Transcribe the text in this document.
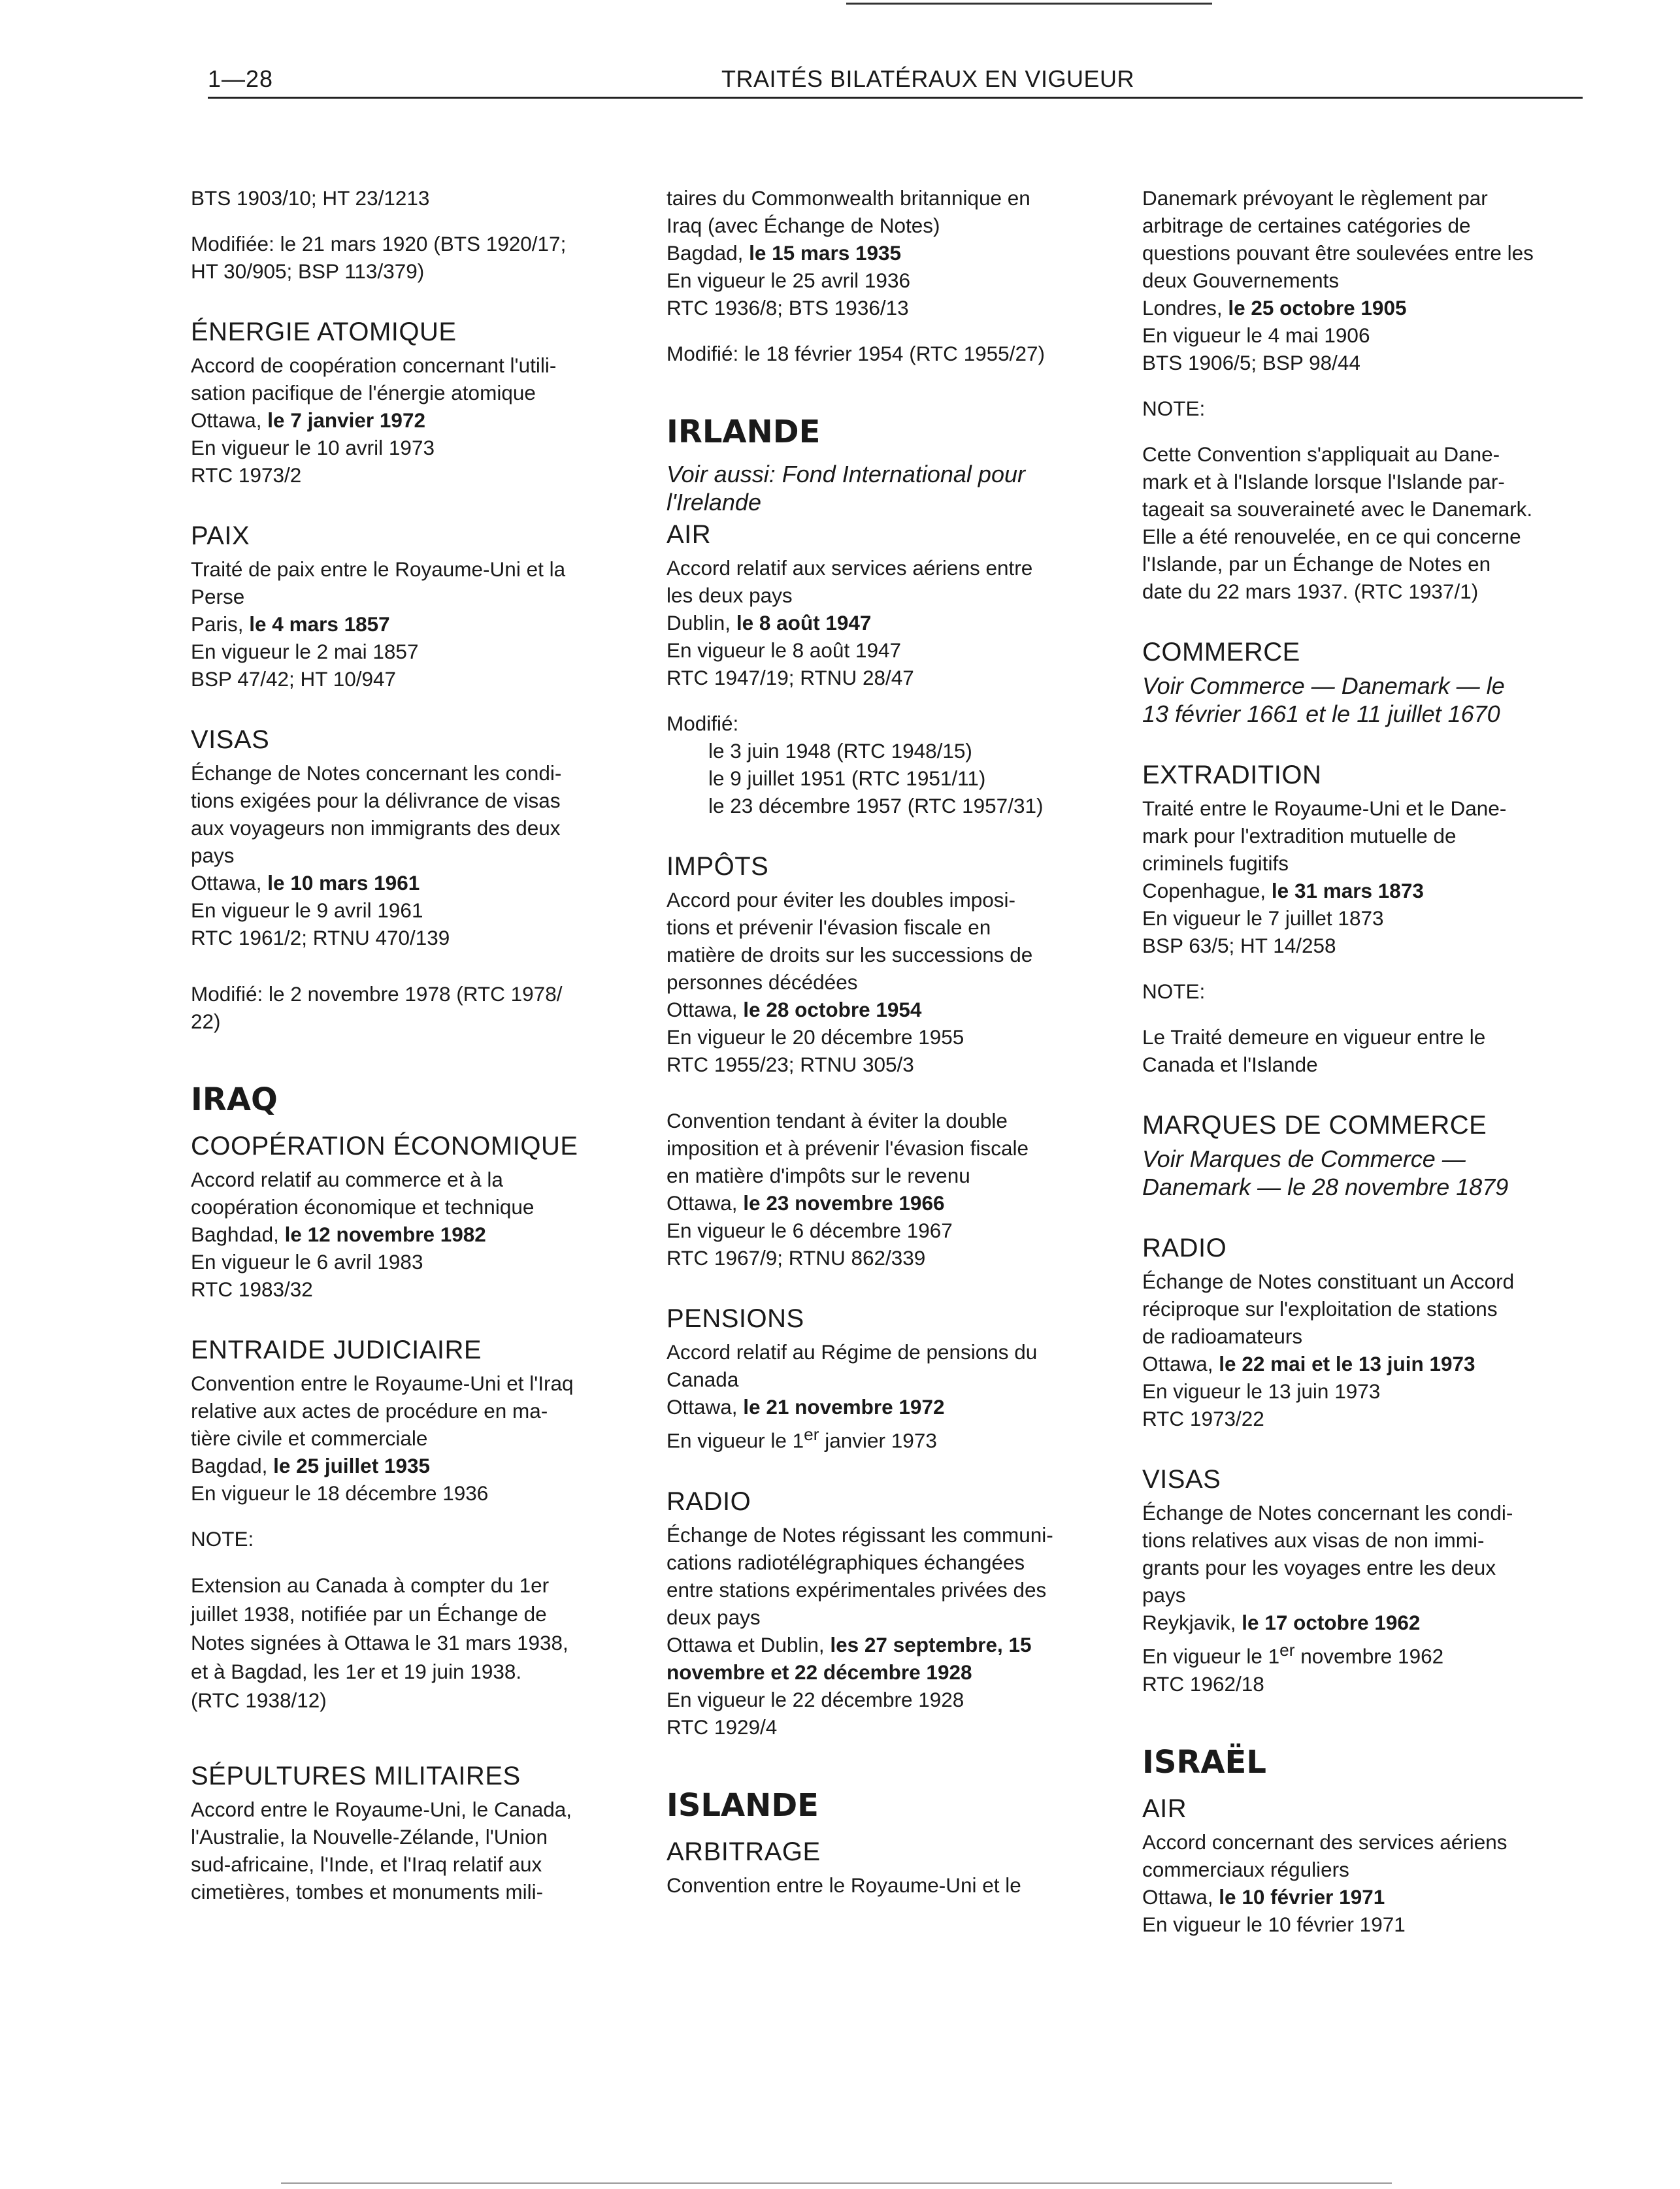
1—28	TRAITÉS BILATÉRAUX EN VIGUEUR
BTS 1903/10; HT 23/1213
Modifiée: le 21 mars 1920 (BTS 1920/17;
HT 30/905; BSP 113/379)
ÉNERGIE ATOMIQUE
Accord de coopération concernant l'utili-
sation pacifique de l'énergie atomique
Ottawa, le 7 janvier 1972
En vigueur le 10 avril 1973
RTC 1973/2
PAIX
Traité de paix entre le Royaume-Uni et la
Perse
Paris, le 4 mars 1857
En vigueur le 2 mai 1857
BSP 47/42; HT 10/947
VISAS
Échange de Notes concernant les condi-
tions exigées pour la délivrance de visas
aux voyageurs non immigrants des deux
pays
Ottawa, le 10 mars 1961
En vigueur le 9 avril 1961
RTC 1961/2; RTNU 470/139
Modifié: le 2 novembre 1978 (RTC 1978/
22)
IRAQ
COOPÉRATION ÉCONOMIQUE
Accord relatif au commerce et à la
coopération économique et technique
Baghdad, le 12 novembre 1982
En vigueur le 6 avril 1983
RTC 1983/32
ENTRAIDE JUDICIAIRE
Convention entre le Royaume-Uni et l'Iraq
relative aux actes de procédure en ma-
tière civile et commerciale
Bagdad, le 25 juillet 1935
En vigueur le 18 décembre 1936
NOTE:
Extension au Canada à compter du 1er
juillet 1938, notifiée par un Échange de
Notes signées à Ottawa le 31 mars 1938,
et à Bagdad, les 1er et 19 juin 1938.
(RTC 1938/12)
SÉPULTURES MILITAIRES
Accord entre le Royaume-Uni, le Canada,
l'Australie, la Nouvelle-Zélande, l'Union
sud-africaine, l'Inde, et l'Iraq relatif aux
cimetières, tombes et monuments mili-
taires du Commonwealth britannique en
Iraq (avec Échange de Notes)
Bagdad, le 15 mars 1935
En vigueur le 25 avril 1936
RTC 1936/8; BTS 1936/13
Modifié: le 18 février 1954 (RTC 1955/27)
IRLANDE
Voir aussi: Fond International pour
l'Irelande
AIR
Accord relatif aux services aériens entre
les deux pays
Dublin, le 8 août 1947
En vigueur le 8 août 1947
RTC 1947/19; RTNU 28/47
Modifié:
le 3 juin 1948 (RTC 1948/15)
le 9 juillet 1951 (RTC 1951/11)
le 23 décembre 1957 (RTC 1957/31)
IMPÔTS
Accord pour éviter les doubles imposi-
tions et prévenir l'évasion fiscale en
matière de droits sur les successions de
personnes décédées
Ottawa, le 28 octobre 1954
En vigueur le 20 décembre 1955
RTC 1955/23; RTNU 305/3
Convention tendant à éviter la double
imposition et à prévenir l'évasion fiscale
en matière d'impôts sur le revenu
Ottawa, le 23 novembre 1966
En vigueur le 6 décembre 1967
RTC 1967/9; RTNU 862/339
PENSIONS
Accord relatif au Régime de pensions du
Canada
Ottawa, le 21 novembre 1972
En vigueur le 1er janvier 1973
RADIO
Échange de Notes régissant les communi-
cations radiotélégraphiques échangées
entre stations expérimentales privées des
deux pays
Ottawa et Dublin, les 27 septembre, 15
novembre et 22 décembre 1928
En vigueur le 22 décembre 1928
RTC 1929/4
ISLANDE
ARBITRAGE
Convention entre le Royaume-Uni et le
Danemark prévoyant le règlement par
arbitrage de certaines catégories de
questions pouvant être soulevées entre les
deux Gouvernements
Londres, le 25 octobre 1905
En vigueur le 4 mai 1906
BTS 1906/5; BSP 98/44
NOTE:
Cette Convention s'appliquait au Dane-
mark et à l'Islande lorsque l'Islande par-
tageait sa souveraineté avec le Danemark.
Elle a été renouvelée, en ce qui concerne
l'Islande, par un Échange de Notes en
date du 22 mars 1937. (RTC 1937/1)
COMMERCE
Voir Commerce — Danemark — le
13 février 1661 et le 11 juillet 1670
EXTRADITION
Traité entre le Royaume-Uni et le Dane-
mark pour l'extradition mutuelle de
criminels fugitifs
Copenhague, le 31 mars 1873
En vigueur le 7 juillet 1873
BSP 63/5; HT 14/258
NOTE:
Le Traité demeure en vigueur entre le
Canada et l'Islande
MARQUES DE COMMERCE
Voir Marques de Commerce —
Danemark — le 28 novembre 1879
RADIO
Échange de Notes constituant un Accord
réciproque sur l'exploitation de stations
de radioamateurs
Ottawa, le 22 mai et le 13 juin 1973
En vigueur le 13 juin 1973
RTC 1973/22
VISAS
Échange de Notes concernant les condi-
tions relatives aux visas de non immi-
grants pour les voyages entre les deux
pays
Reykjavik, le 17 octobre 1962
En vigueur le 1er novembre 1962
RTC 1962/18
ISRAËL
AIR
Accord concernant des services aériens
commerciaux réguliers
Ottawa, le 10 février 1971
En vigueur le 10 février 1971
